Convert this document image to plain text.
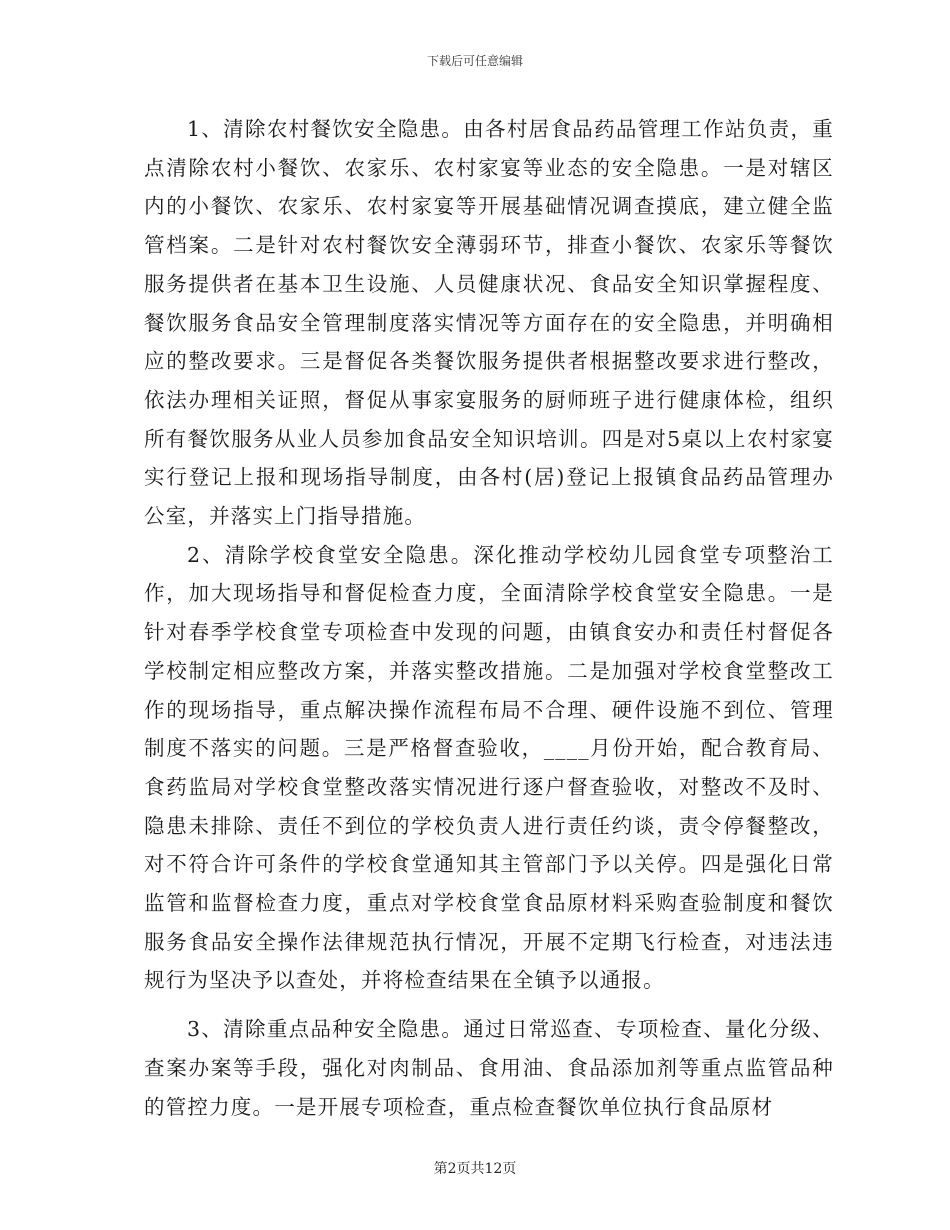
下载后可任意编辑

1、清除农村餐饮安全隐患。由各村居食品药品管理工作站负责，重点清除农村小餐饮、农家乐、农村家宴等业态的安全隐患。一是对辖区内的小餐饮、农家乐、农村家宴等开展基础情况调查摸底，建立健全监管档案。二是针对农村餐饮安全薄弱环节，排查小餐饮、农家乐等餐饮服务提供者在基本卫生设施、人员健康状况、食品安全知识掌握程度、餐饮服务食品安全管理制度落实情况等方面存在的安全隐患，并明确相应的整改要求。三是督促各类餐饮服务提供者根据整改要求进行整改，依法办理相关证照，督促从事家宴服务的厨师班子进行健康体检，组织所有餐饮服务从业人员参加食品安全知识培训。四是对5桌以上农村家宴实行登记上报和现场指导制度，由各村(居)登记上报镇食品药品管理办公室，并落实上门指导措施。

2、清除学校食堂安全隐患。深化推动学校幼儿园食堂专项整治工作，加大现场指导和督促检查力度，全面清除学校食堂安全隐患。一是针对春季学校食堂专项检查中发现的问题，由镇食安办和责任村督促各学校制定相应整改方案，并落实整改措施。二是加强对学校食堂整改工作的现场指导，重点解决操作流程布局不合理、硬件设施不到位、管理制度不落实的问题。三是严格督查验收，____月份开始，配合教育局、食药监局对学校食堂整改落实情况进行逐户督查验收，对整改不及时、隐患未排除、责任不到位的学校负责人进行责任约谈，责令停餐整改，对不符合许可条件的学校食堂通知其主管部门予以关停。四是强化日常监管和监督检查力度，重点对学校食堂食品原材料采购查验制度和餐饮服务食品安全操作法律规范执行情况，开展不定期飞行检查，对违法违规行为坚决予以查处，并将检查结果在全镇予以通报。

3、清除重点品种安全隐患。通过日常巡查、专项检查、量化分级、查案办案等手段，强化对肉制品、食用油、食品添加剂等重点监管品种的管控力度。一是开展专项检查，重点检查餐饮单位执行食品原材

第2页共12页
